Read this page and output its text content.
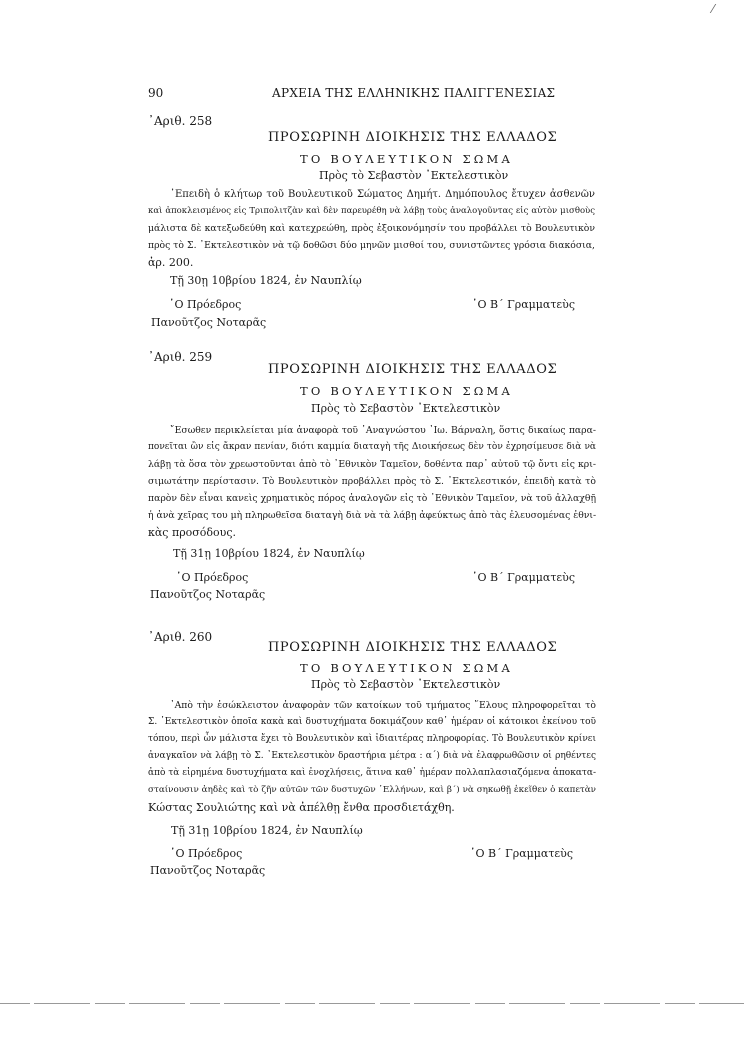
⁄
90	ΑΡΧΕΙΑ ΤΗΣ ΕΛΛΗΝΙΚΗΣ ΠΑΛΙΓΓΕΝΕΣΙΑΣ
᾿Αριθ. 258
ΠΡΟΣΩΡΙΝΗ ΔΙΟΙΚΗΣΙΣ ΤΗΣ ΕΛΛΑΔΟΣ
ΤΟ ΒΟΥΛΕΥΤΙΚΟΝ ΣΩΜΑ
Πρὸς τὸ Σεβαστὸν ᾿Εκτελεστικὸν
᾿Επειδὴ ὁ κλήτωρ τοῦ Βουλευτικοῦ Σώματος Δημήτ. Δημόπουλος ἔτυχεν ἀσθενῶν
καὶ ἀποκλεισμένος εἰς Τριπολιτζὰν καὶ δὲν παρευρέθη νὰ λάβῃ τοὺς ἀναλογοῦντας εἰς αὐτὸν μισθοὺς
μάλιστα δὲ κατεξωδεύθη καὶ κατεχρεώθη, πρὸς ἐξοικονόμησίν του προβάλλει τὸ Βουλευτικὸν
πρὸς τὸ Σ. ᾿Εκτελεστικὸν νὰ τῷ δοθῶσι δύο μηνῶν μισθοί του, συνιστῶντες γρόσια διακόσια,
ἀρ. 200.
Τῇ 30ῃ 10βρίου 1824, ἐν Ναυπλίῳ
῾Ο Πρόεδρος	῾Ο Β΄ Γραμματεὺς
Πανοῦτζος Νοταρᾶς
᾿Αριθ. 259
ΠΡΟΣΩΡΙΝΗ ΔΙΟΙΚΗΣΙΣ ΤΗΣ ΕΛΛΑΔΟΣ
ΤΟ ΒΟΥΛΕΥΤΙΚΟΝ ΣΩΜΑ
Πρὸς τὸ Σεβαστὸν ᾿Εκτελεστικὸν
῎Εσωθεν περικλείεται μία ἀναφορὰ τοῦ ᾿Αναγνώστου ᾿Ιω. Βάρναλη, ὅστις δικαίως παρα-
πονεῖται ὢν εἰς ἄκραν πενίαν, διότι καμμία διαταγὴ τῆς Διοικήσεως δὲν τὸν ἐχρησίμευσε διὰ νὰ
λάβῃ τὰ ὅσα τὸν χρεωστοῦνται ἀπὸ τὸ ᾿Εθνικὸν Ταμεῖον, δοθέντα παρ᾿ αὐτοῦ τῷ ὄντι εἰς κρι-
σιμωτάτην περίστασιν. Τὸ Βουλευτικὸν προβάλλει πρὸς τὸ Σ. ᾿Εκτελεστικόν, ἐπειδὴ κατὰ τὸ
παρὸν δὲν εἶναι κανεὶς χρηματικὸς πόρος ἀναλογῶν εἰς τὸ ᾿Εθνικὸν Ταμεῖον, νὰ τοῦ ἀλλαχθῇ
ἡ ἀνὰ χεῖρας του μὴ πληρωθεῖσα διαταγὴ διὰ νὰ τὰ λάβῃ ἀφεύκτως ἀπὸ τὰς ἐλευσομένας ἐθνι-
κὰς προσόδους.
Τῇ 31ῃ 10βρίου 1824, ἐν Ναυπλίῳ
῾Ο Πρόεδρος	῾Ο Β΄ Γραμματεὺς
Πανοῦτζος Νοταρᾶς
᾿Αριθ. 260
ΠΡΟΣΩΡΙΝΗ ΔΙΟΙΚΗΣΙΣ ΤΗΣ ΕΛΛΑΔΟΣ
ΤΟ ΒΟΥΛΕΥΤΙΚΟΝ ΣΩΜΑ
Πρὸς τὸ Σεβαστὸν ᾿Εκτελεστικὸν
᾿Απὸ τὴν ἐσώκλειστον ἀναφορὰν τῶν κατοίκων τοῦ τμήματος ῞Ελους πληροφορεῖται τὸ
Σ. ᾿Εκτελεστικὸν ὁποῖα κακὰ καὶ δυστυχήματα δοκιμάζουν καθ᾿ ἡμέραν οἱ κάτοικοι ἐκείνου τοῦ
τόπου, περὶ ὧν μάλιστα ἔχει τὸ Βουλευτικὸν καὶ ἰδιαιτέρας πληροφορίας. Τὸ Βουλευτικὸν κρίνει
ἀναγκαῖον νὰ λάβῃ τὸ Σ. ᾿Εκτελεστικὸν δραστήρια μέτρα : α΄) διὰ νὰ ἐλαφρωθῶσιν οἱ ρηθέντες
ἀπὸ τὰ εἰρημένα δυστυχήματα καὶ ἐνοχλήσεις, ἅτινα καθ᾿ ἡμέραν πολλαπλασιαζόμενα ἀποκατα-
σταίνουσιν ἀηδὲς καὶ τὸ ζῆν αὐτῶν τῶν δυστυχῶν ῾Ελλήνων, καὶ β΄) νὰ σηκωθῇ ἐκεῖθεν ὁ καπετὰν
Κώστας Σουλιώτης καὶ νὰ ἀπέλθῃ ἔνθα προσδιετάχθη.
Τῇ 31ῃ 10βρίου 1824, ἐν Ναυπλίῳ
῾Ο Πρόεδρος	῾Ο Β΄ Γραμματεὺς
Πανοῦτζος Νοταρᾶς
